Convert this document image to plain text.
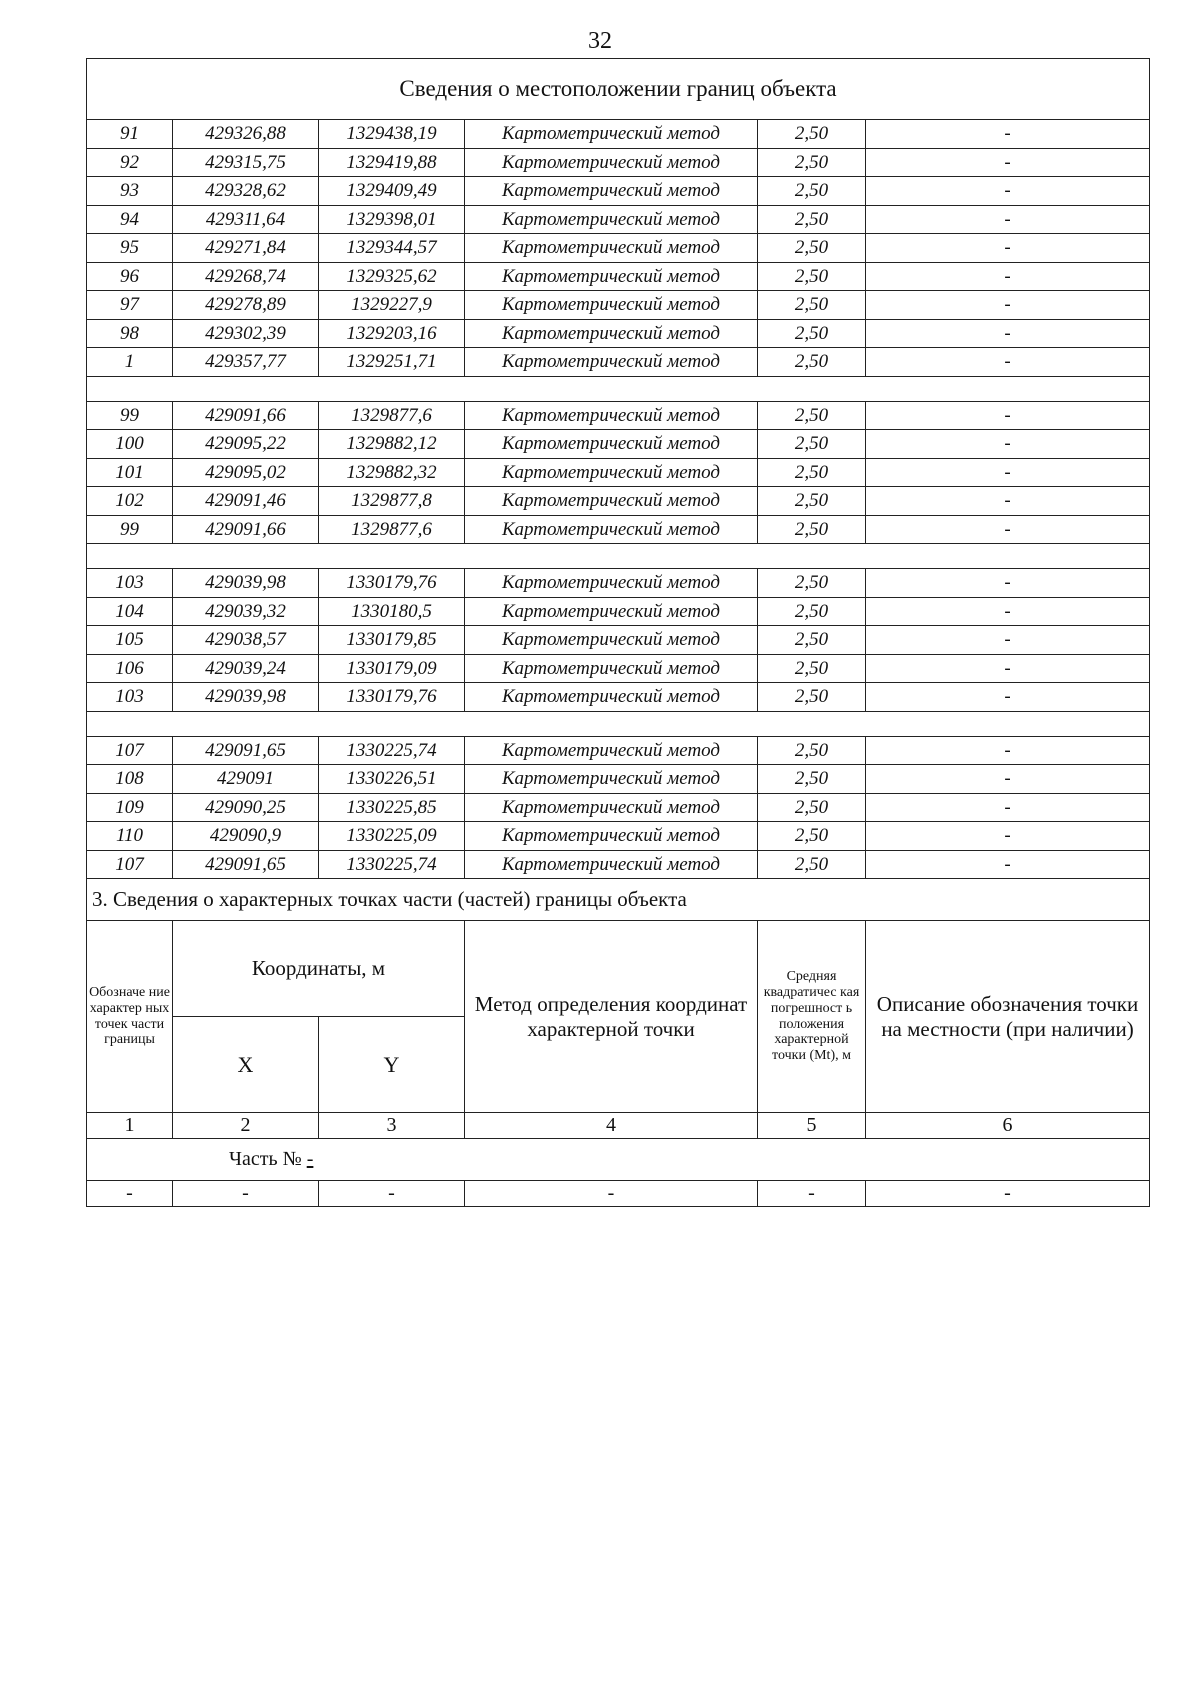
32
Сведения о местоположении границ объекта					
91	429326,88	1329438,19	Картометрический метод	2,50	-
92	429315,75	1329419,88	Картометрический метод	2,50	-
93	429328,62	1329409,49	Картометрический метод	2,50	-
94	429311,64	1329398,01	Картометрический метод	2,50	-
95	429271,84	1329344,57	Картометрический метод	2,50	-
96	429268,74	1329325,62	Картометрический метод	2,50	-
97	429278,89	1329227,9	Картометрический метод	2,50	-
98	429302,39	1329203,16	Картометрический метод	2,50	-
1	429357,77	1329251,71	Картометрический метод	2,50	-

99	429091,66	1329877,6	Картометрический метод	2,50	-
100	429095,22	1329882,12	Картометрический метод	2,50	-
101	429095,02	1329882,32	Картометрический метод	2,50	-
102	429091,46	1329877,8	Картометрический метод	2,50	-
99	429091,66	1329877,6	Картометрический метод	2,50	-

103	429039,98	1330179,76	Картометрический метод	2,50	-
104	429039,32	1330180,5	Картометрический метод	2,50	-
105	429038,57	1330179,85	Картометрический метод	2,50	-
106	429039,24	1330179,09	Картометрический метод	2,50	-
103	429039,98	1330179,76	Картометрический метод	2,50	-

107	429091,65	1330225,74	Картометрический метод	2,50	-
108	429091	1330226,51	Картометрический метод	2,50	-
109	429090,25	1330225,85	Картометрический метод	2,50	-
110	429090,9	1330225,09	Картометрический метод	2,50	-
107	429091,65	1330225,74	Картометрический метод	2,50	-
3. Сведения о характерных точках части (частей) границы объекта					
Обозначе ние характер ных точек части границы	Координаты, м		Метод определения координат характерной точки	Средняя квадратичес кая погрешност ь положения характерной точки (Mt), м	Описание обозначения точки на местности (при наличии)
	X	Y			
1	2	3	4	5	6
Часть № -					
-	-	-	-	-	-
